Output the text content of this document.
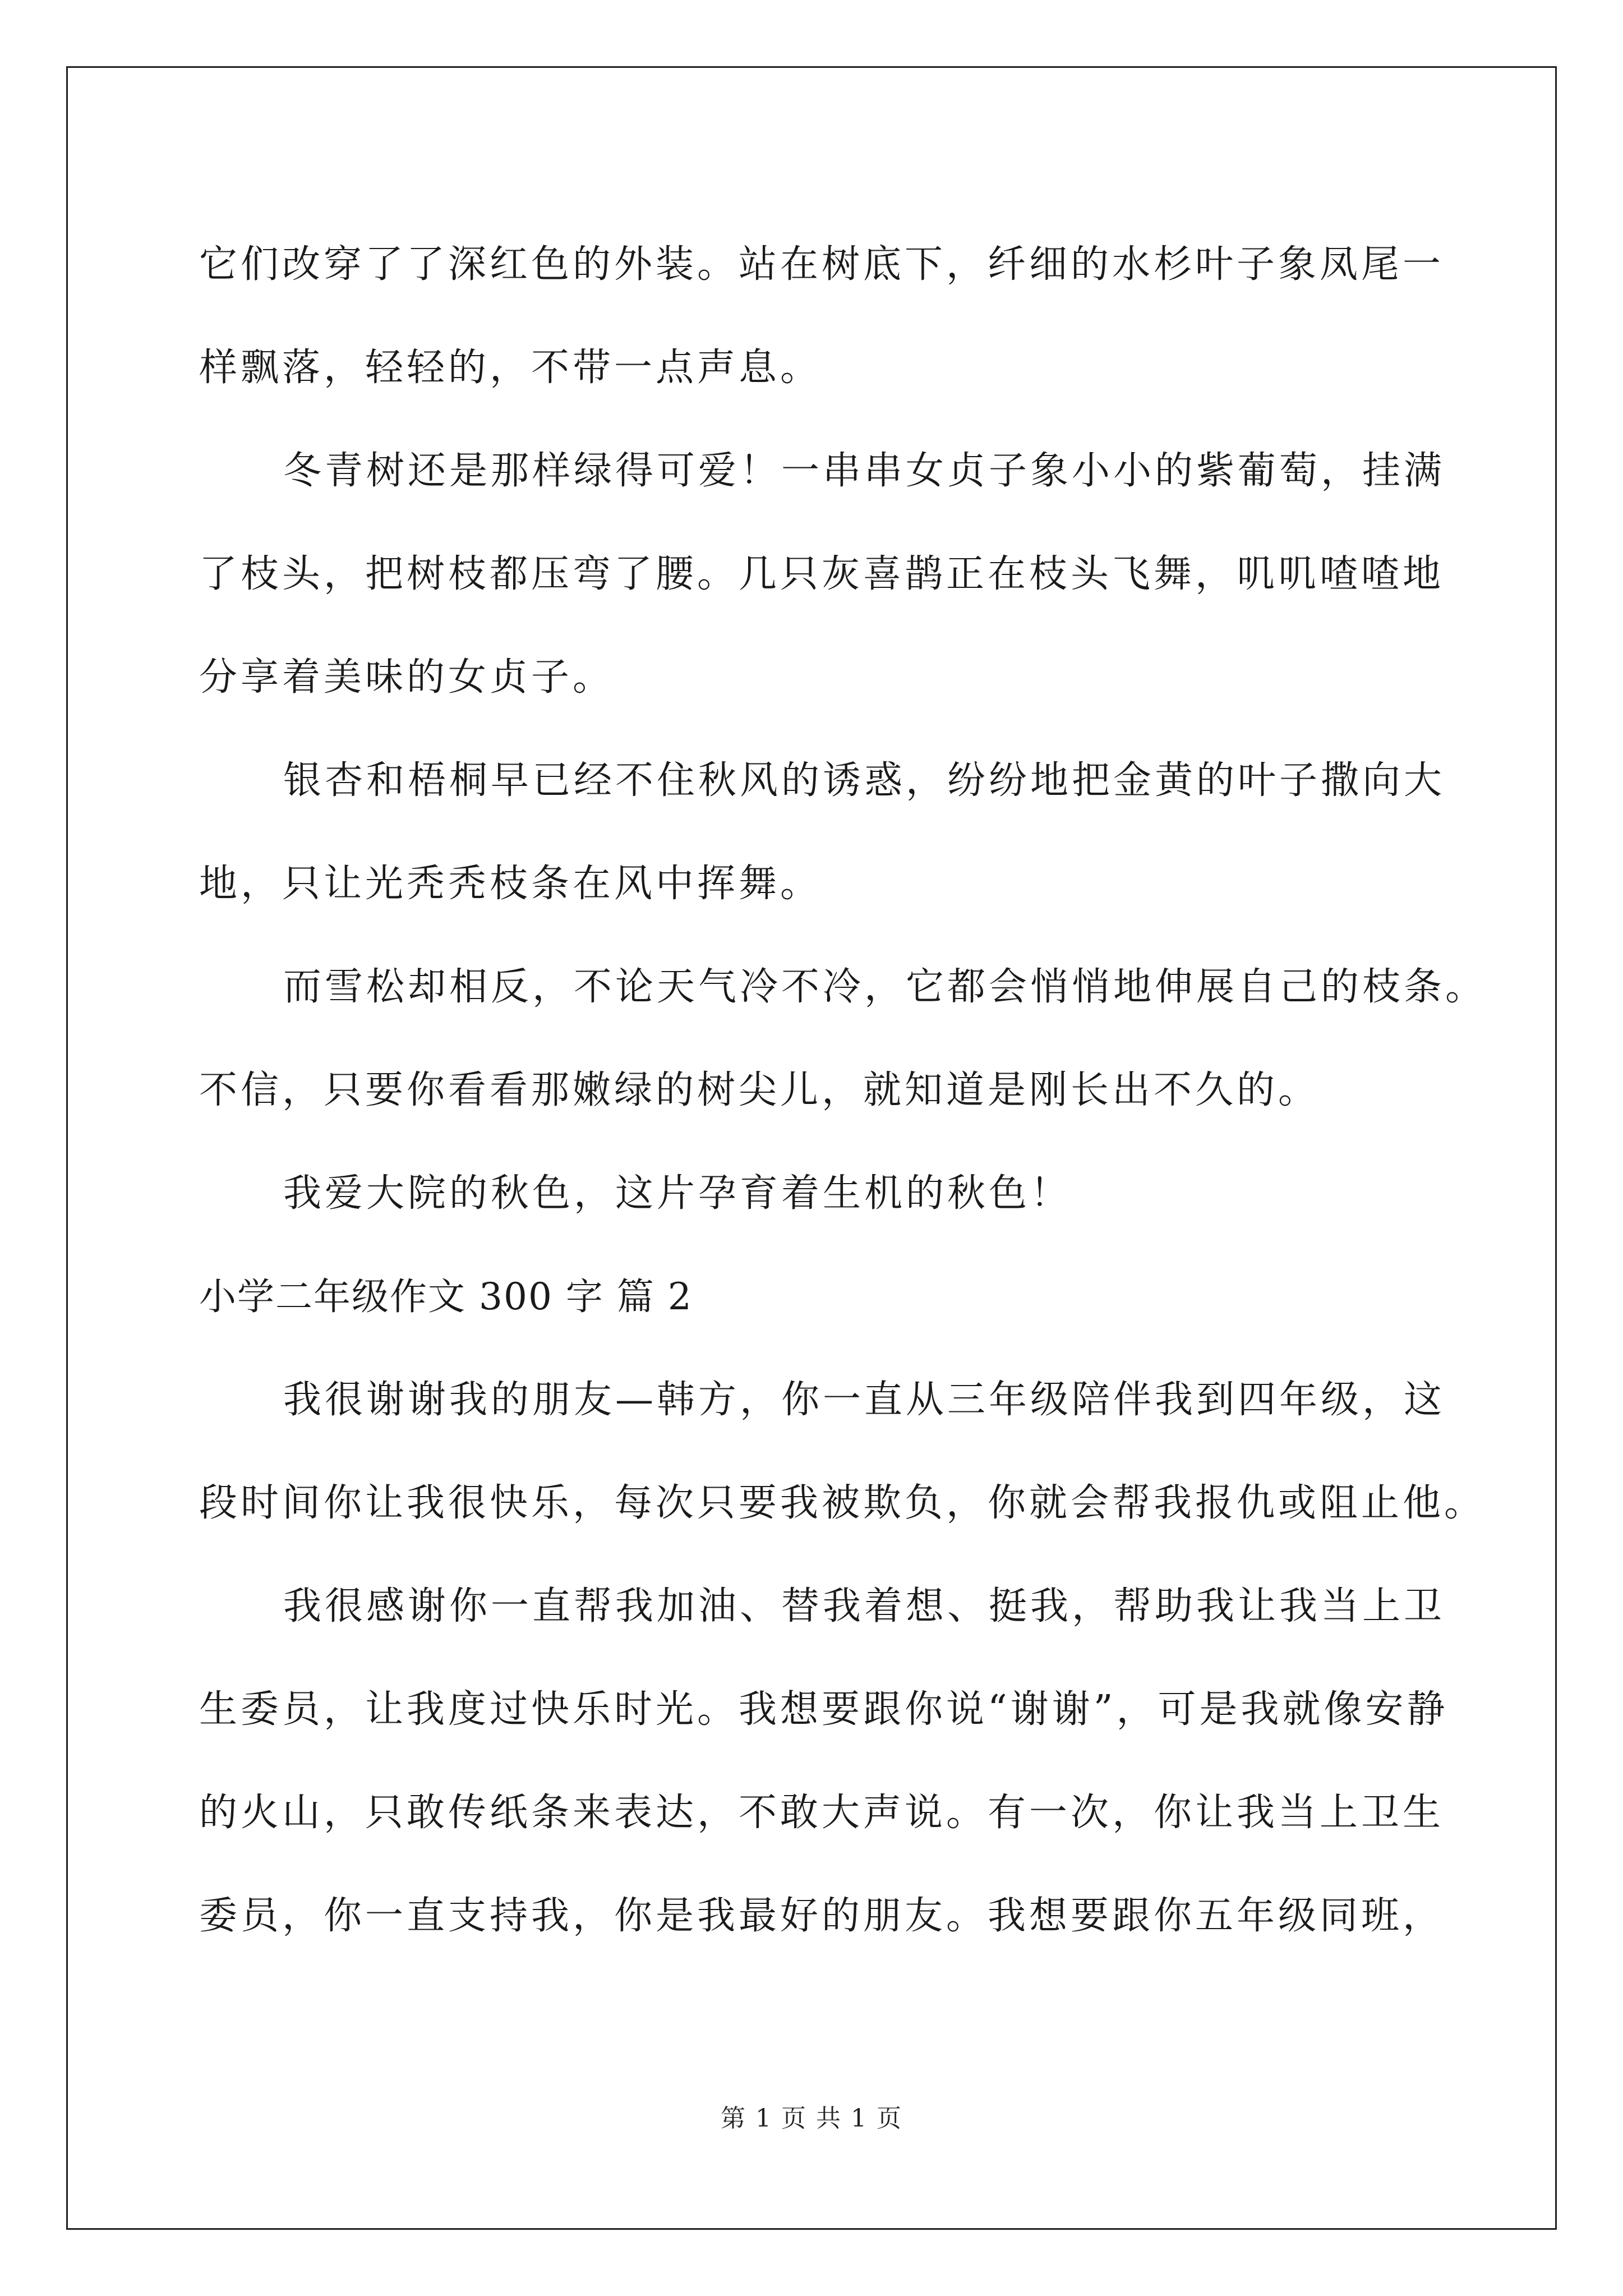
它们改穿了了深红色的外装。站在树底下，纤细的水杉叶子象凤尾一
样飘落，轻轻的，不带一点声息。
冬青树还是那样绿得可爱！一串串女贞子象小小的紫葡萄，挂满
了枝头，把树枝都压弯了腰。几只灰喜鹊正在枝头飞舞，叽叽喳喳地
分享着美味的女贞子。
银杏和梧桐早已经不住秋风的诱惑，纷纷地把金黄的叶子撒向大
地，只让光秃秃枝条在风中挥舞。
而雪松却相反，不论天气冷不冷，它都会悄悄地伸展自己的枝条。
不信，只要你看看那嫩绿的树尖儿，就知道是刚长出不久的。
我爱大院的秋色，这片孕育着生机的秋色！
小学二年级作文 300 字 篇 2
我很谢谢我的朋友—韩方，你一直从三年级陪伴我到四年级，这
段时间你让我很快乐，每次只要我被欺负，你就会帮我报仇或阻止他。
我很感谢你一直帮我加油、替我着想、挺我，帮助我让我当上卫
生委员，让我度过快乐时光。我想要跟你说“谢谢”，可是我就像安静
的火山，只敢传纸条来表达，不敢大声说。有一次，你让我当上卫生
委员，你一直支持我，你是我最好的朋友。我想要跟你五年级同班，
第 1 页 共 1 页
